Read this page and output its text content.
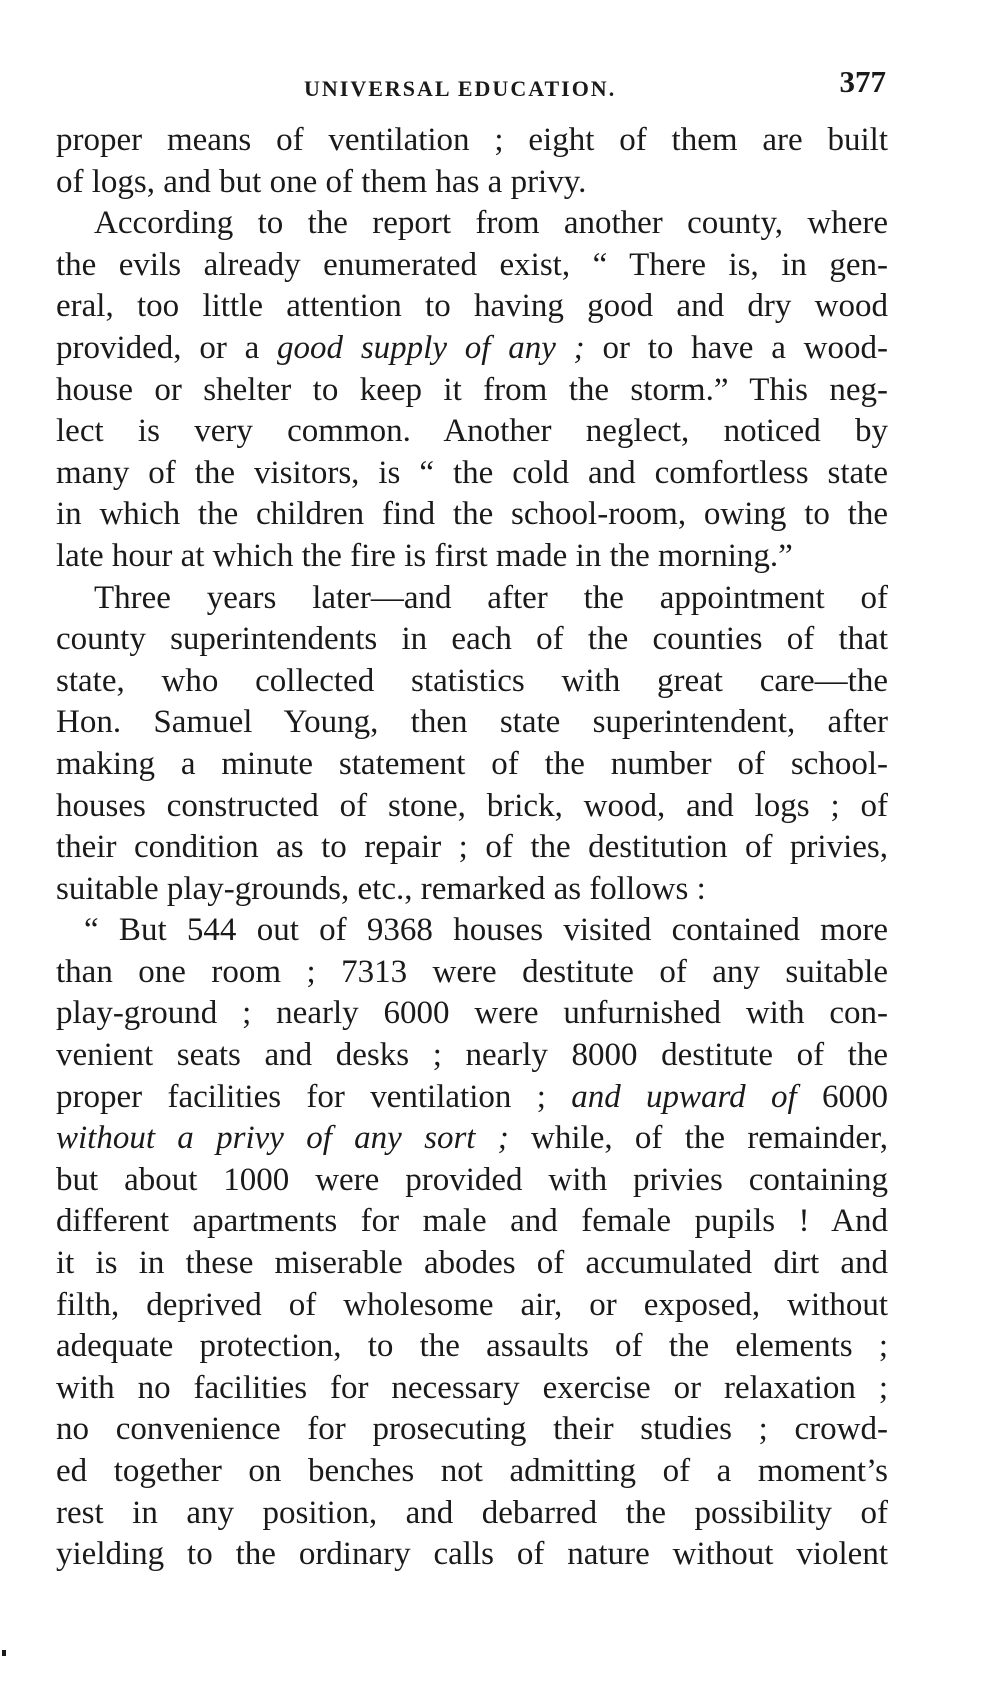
UNIVERSAL EDUCATION.	377
proper means of ventilation ; eight of them are built
of logs, and but one of them has a privy.
According to the report from another county, where
the evils already enumerated exist, “ There is, in gen-
eral, too little attention to having good and dry wood
provided, or a good supply of any ; or to have a wood-
house or shelter to keep it from the storm.” This neg-
lect is very common. Another neglect, noticed by
many of the visitors, is “ the cold and comfortless state
in which the children find the school-room, owing to the
late hour at which the fire is first made in the morning.”
Three years later—and after the appointment of
county superintendents in each of the counties of that
state, who collected statistics with great care—the
Hon. Samuel Young, then state superintendent, after
making a minute statement of the number of school-
houses constructed of stone, brick, wood, and logs ; of
their condition as to repair ; of the destitution of privies,
suitable play-grounds, etc., remarked as follows :
“ But 544 out of 9368 houses visited contained more
than one room ; 7313 were destitute of any suitable
play-ground ; nearly 6000 were unfurnished with con-
venient seats and desks ; nearly 8000 destitute of the
proper facilities for ventilation ; and upward of 6000
without a privy of any sort ; while, of the remainder,
but about 1000 were provided with privies containing
different apartments for male and female pupils ! And
it is in these miserable abodes of accumulated dirt and
filth, deprived of wholesome air, or exposed, without
adequate protection, to the assaults of the elements ;
with no facilities for necessary exercise or relaxation ;
no convenience for prosecuting their studies ; crowd-
ed together on benches not admitting of a moment’s
rest in any position, and debarred the possibility of
yielding to the ordinary calls of nature without violent
